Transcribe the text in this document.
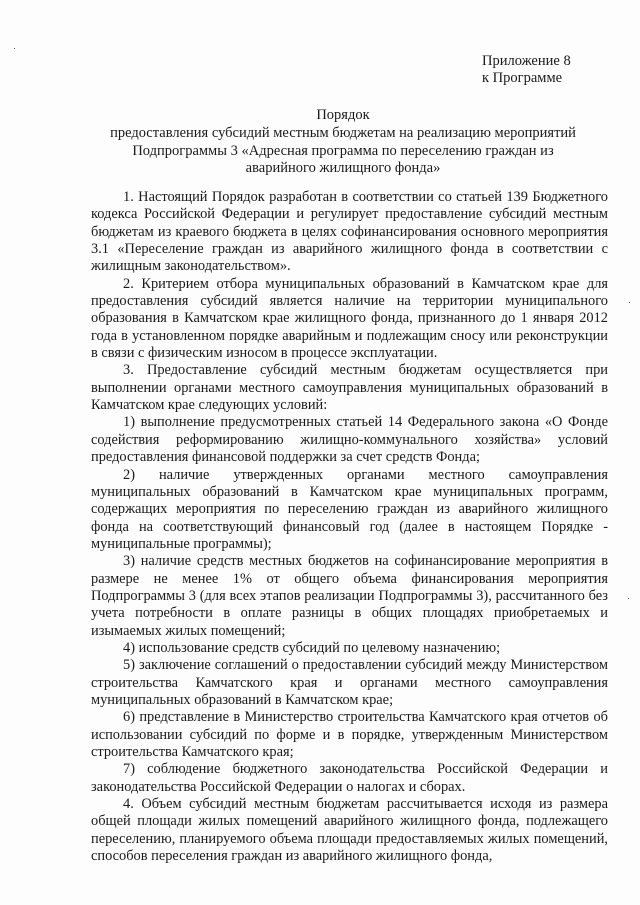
Приложение 8
к Программе
Порядок
предоставления субсидий местным бюджетам на реализацию мероприятий Подпрограммы 3 «Адресная программа по переселению граждан из аварийного жилищного фонда»

1. Настоящий Порядок разработан в соответствии со статьей 139 Бюджетного кодекса Российской Федерации и регулирует предоставление субсидий местным бюджетам из краевого бюджета в целях софинансирования основного мероприятия 3.1 «Переселение граждан из аварийного жилищного фонда в соответствии с жилищным законодательством».

2. Критерием отбора муниципальных образований в Камчатском крае для предоставления субсидий является наличие на территории муниципального образования в Камчатском крае жилищного фонда, признанного до 1 января 2012 года в установленном порядке аварийным и подлежащим сносу или реконструкции в связи с физическим износом в процессе эксплуатации.

3. Предоставление субсидий местным бюджетам осуществляется при выполнении органами местного самоуправления муниципальных образований в Камчатском крае следующих условий:

1) выполнение предусмотренных статьей 14 Федерального закона «О Фонде содействия реформированию жилищно-коммунального хозяйства» условий предоставления финансовой поддержки за счет средств Фонда;

2) наличие утвержденных органами местного самоуправления муниципальных образований в Камчатском крае муниципальных программ, содержащих мероприятия по переселению граждан из аварийного жилищного фонда на соответствующий финансовый год (далее в настоящем Порядке - муниципальные программы);

3) наличие средств местных бюджетов на софинансирование мероприятия в размере не менее 1% от общего объема финансирования мероприятия Подпрограммы 3 (для всех этапов реализации Подпрограммы 3), рассчитанного без учета потребности в оплате разницы в общих площадях приобретаемых и изымаемых жилых помещений;

4) использование средств субсидий по целевому назначению;

5) заключение соглашений о предоставлении субсидий между Министерством строительства Камчатского края и органами местного самоуправления муниципальных образований в Камчатском крае;

6) представление в Министерство строительства Камчатского края отчетов об использовании субсидий по форме и в порядке, утвержденным Министерством строительства Камчатского края;

7) соблюдение бюджетного законодательства Российской Федерации и законодательства Российской Федерации о налогах и сборах.

4. Объем субсидий местным бюджетам рассчитывается исходя из размера общей площади жилых помещений аварийного жилищного фонда, подлежащего переселению, планируемого объема площади предоставляемых жилых помещений, способов переселения граждан из аварийного жилищного фонда,
